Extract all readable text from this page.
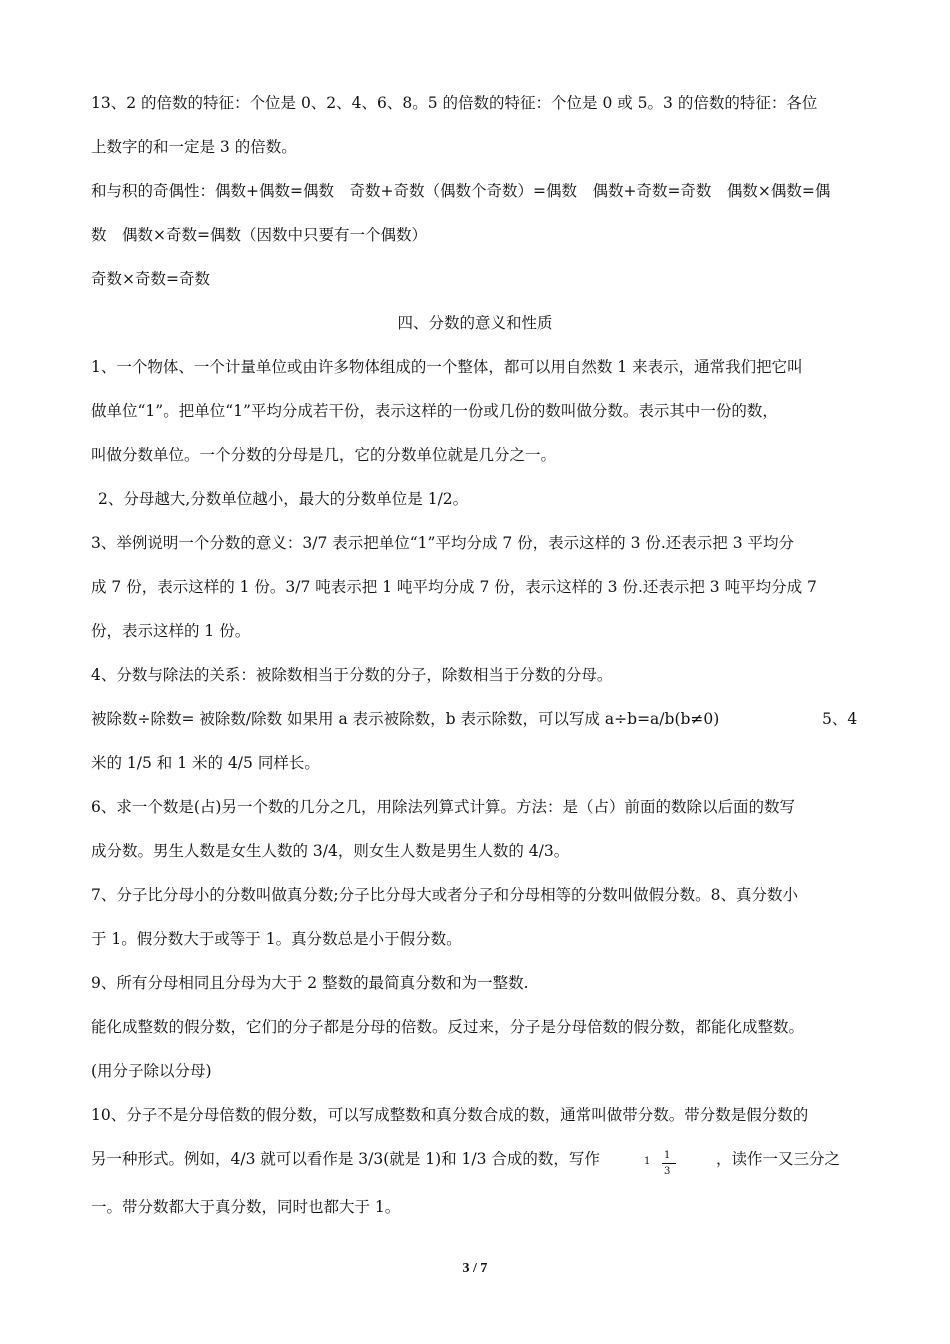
13、2 的倍数的特征：个位是 0、2、4、6、8。5 的倍数的特征：个位是 0 或 5。3 的倍数的特征：各位
上数字的和一定是 3 的倍数。
和与积的奇偶性：偶数+偶数=偶数　奇数+奇数（偶数个奇数）=偶数　偶数+奇数=奇数　偶数×偶数=偶
数　偶数×奇数=偶数（因数中只要有一个偶数）
奇数×奇数=奇数
四、分数的意义和性质
1、一个物体、一个计量单位或由许多物体组成的一个整体，都可以用自然数 1 来表示，通常我们把它叫
做单位“1”。把单位“1”平均分成若干份，表示这样的一份或几份的数叫做分数。表示其中一份的数，
叫做分数单位。一个分数的分母是几，它的分数单位就是几分之一。
2、分母越大,分数单位越小，最大的分数单位是 1/2。
3、举例说明一个分数的意义：3/7 表示把单位“1”平均分成 7 份，表示这样的 3 份.还表示把 3 平均分
成 7 份，表示这样的 1 份。3/7 吨表示把 1 吨平均分成 7 份，表示这样的 3 份.还表示把 3 吨平均分成 7
份，表示这样的 1 份。
4、分数与除法的关系：被除数相当于分数的分子，除数相当于分数的分母。
被除数÷除数= 被除数/除数 如果用 a 表示被除数，b 表示除数，可以写成 a÷b=a/b(b≠0)	5、4
米的 1/5 和 1 米的 4/5 同样长。
6、求一个数是(占)另一个数的几分之几，用除法列算式计算。方法：是（占）前面的数除以后面的数写
成分数。男生人数是女生人数的 3/4，则女生人数是男生人数的 4/3。
7、分子比分母小的分数叫做真分数;分子比分母大或者分子和分母相等的分数叫做假分数。8、真分数小
于 1。假分数大于或等于 1。真分数总是小于假分数。
9、所有分母相同且分母为大于 2 整数的最简真分数和为一整数.
能化成整数的假分数，它们的分子都是分母的倍数。反过来，分子是分母倍数的假分数，都能化成整数。
(用分子除以分母)
10、分子不是分母倍数的假分数，可以写成整数和真分数合成的数，通常叫做带分数。带分数是假分数的
另一种形式。例如，4/3 就可以看作是 3/3(就是 1)和 1/3 合成的数，写作	1
1
3
，读作一又三分之
一。带分数都大于真分数，同时也都大于 1。
3 / 7
